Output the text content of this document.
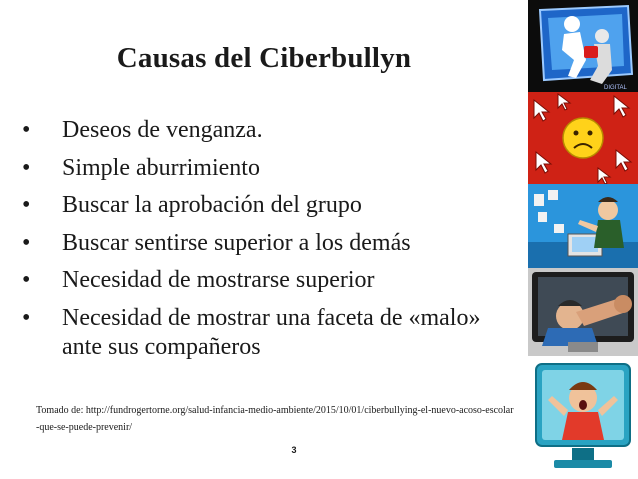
Causas del Ciberbullyn
• Deseos de venganza.
• Simple aburrimiento
• Buscar la aprobación del grupo
• Buscar sentirse superior a los demás
• Necesidad de mostrarse superior
• Necesidad de mostrar una faceta de «malo» ante sus compañeros
Tomado de: http://fundrogertorne.org/salud-infancia-medio-ambiente/2015/10/01/ciberbullying-el-nuevo-acoso-escolar-que-se-puede-prevenir/
3
DIGITAL
